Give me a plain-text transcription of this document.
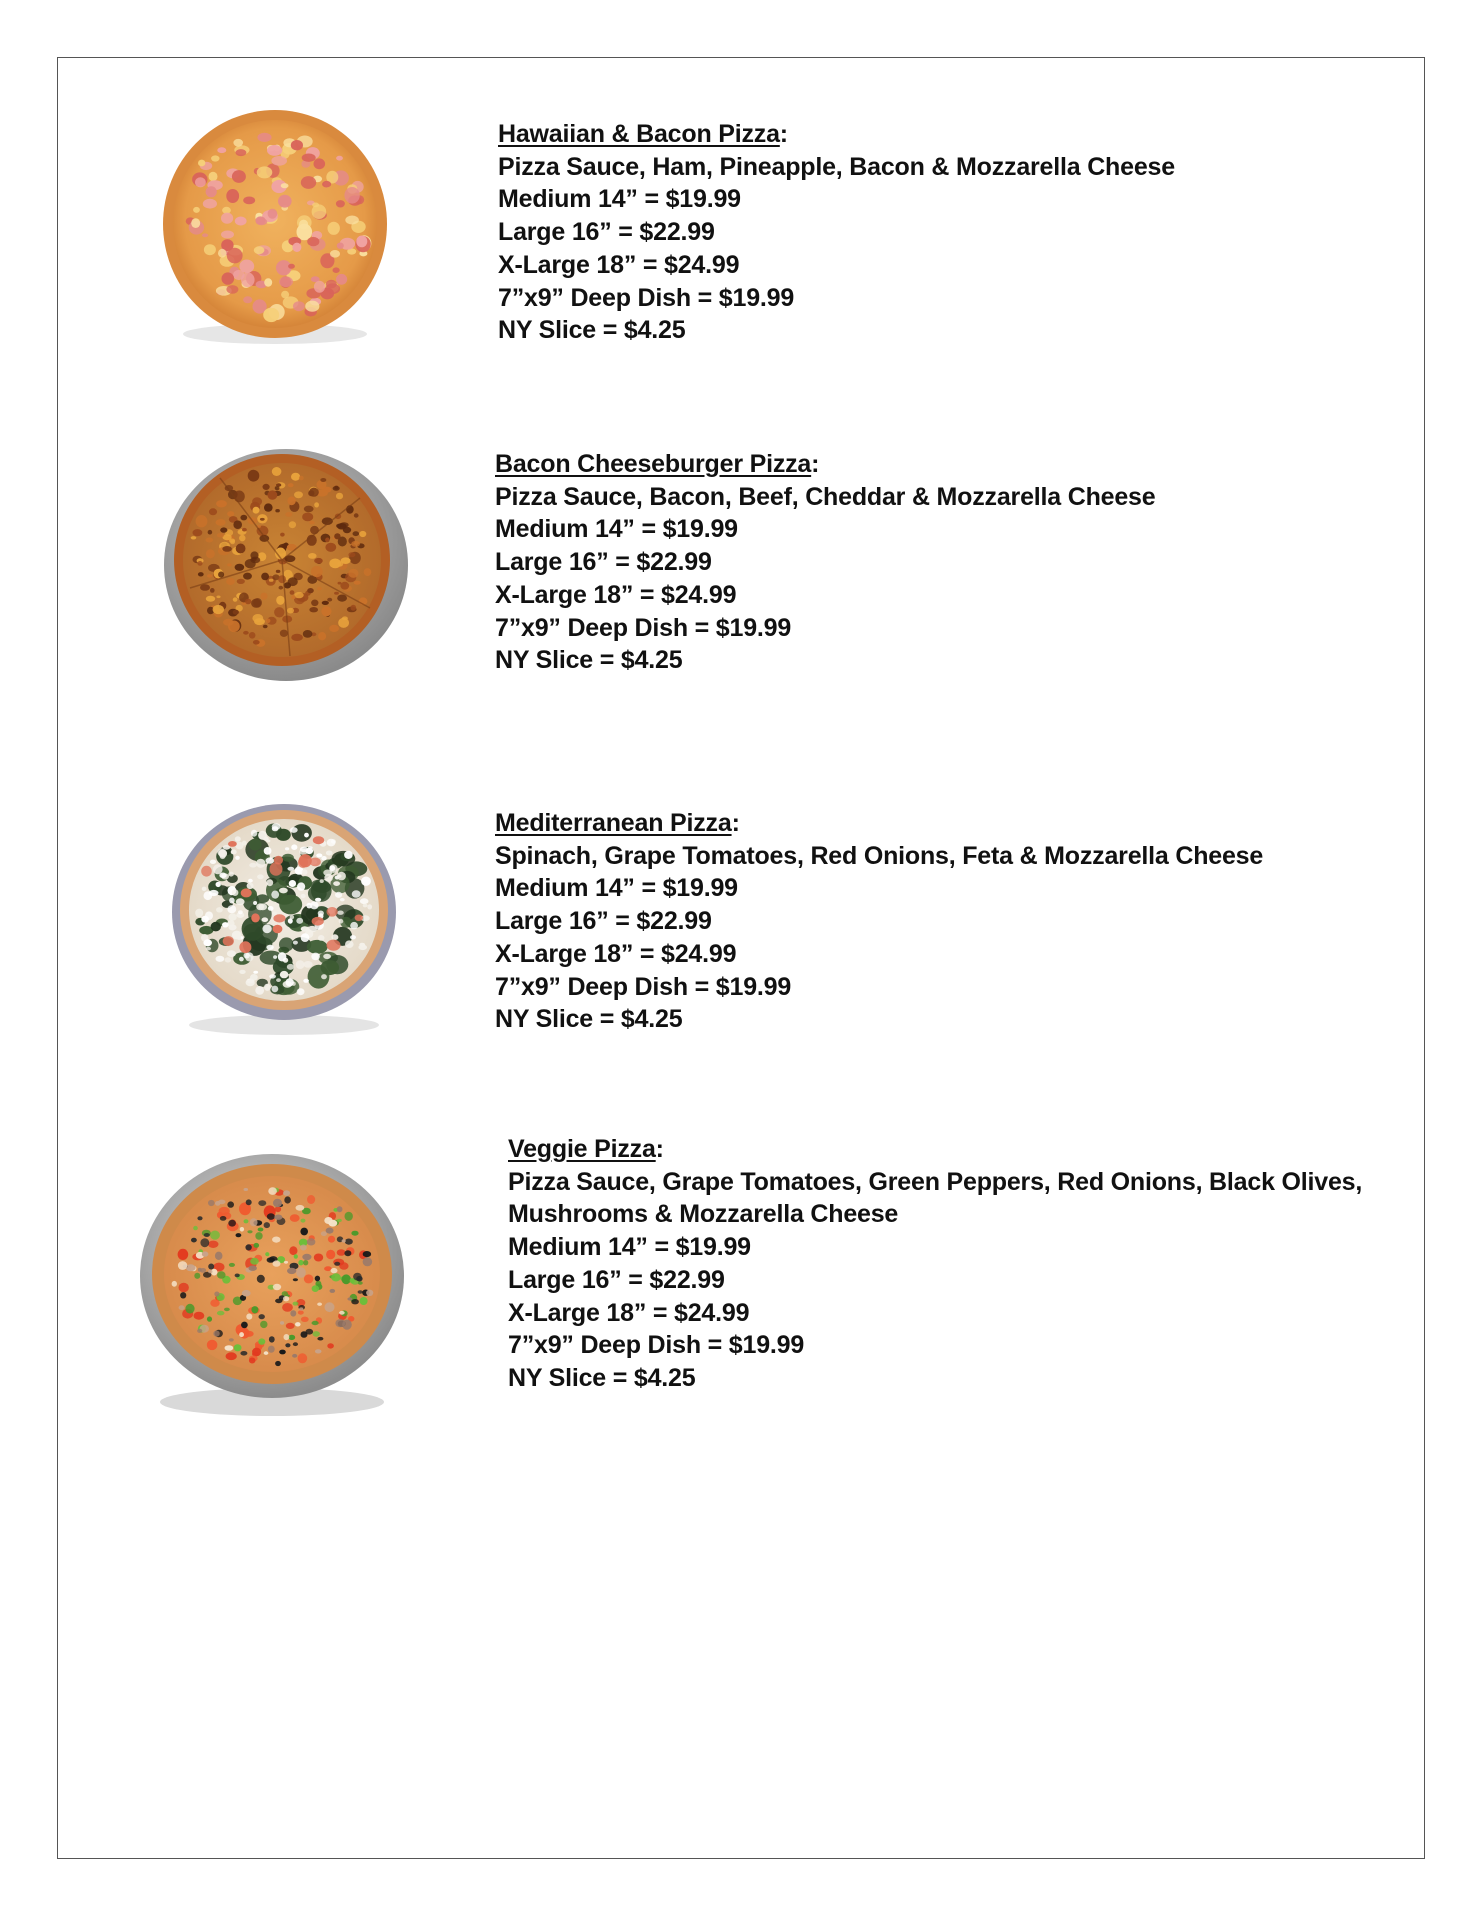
Hawaiian & Bacon Pizza:
Pizza Sauce, Ham, Pineapple, Bacon & Mozzarella Cheese
Medium 14” = $19.99
Large 16” = $22.99
X-Large 18” = $24.99
7”x9” Deep Dish = $19.99
NY Slice = $4.25
Bacon Cheeseburger Pizza:
Pizza Sauce, Bacon, Beef, Cheddar & Mozzarella Cheese
Medium 14” = $19.99
Large 16” = $22.99
X-Large 18” = $24.99
7”x9” Deep Dish = $19.99
NY Slice = $4.25
Mediterranean Pizza:
Spinach, Grape Tomatoes, Red Onions, Feta & Mozzarella Cheese
Medium 14” = $19.99
Large 16” = $22.99
X-Large 18” = $24.99
7”x9” Deep Dish = $19.99
NY Slice = $4.25
Veggie Pizza:
Pizza Sauce, Grape Tomatoes, Green Peppers, Red Onions, Black Olives,
Mushrooms & Mozzarella Cheese
Medium 14” = $19.99
Large 16” = $22.99
X-Large 18” = $24.99
7”x9” Deep Dish = $19.99
NY Slice = $4.25
